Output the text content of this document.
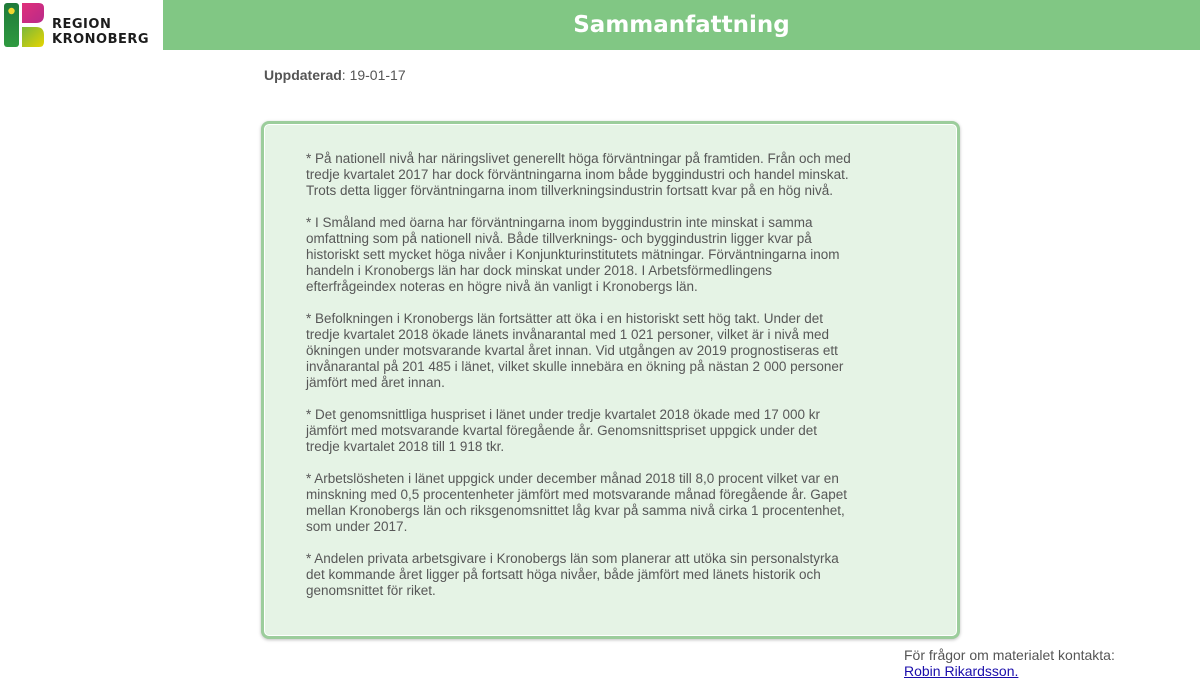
REGION
KRONOBERG
Sammanfattning
Uppdaterad: 19-01-17

* På nationell nivå har näringslivet generellt höga förväntningar på framtiden. Från och med
tredje kvartalet 2017 har dock förväntningarna inom både byggindustri och handel minskat.
Trots detta ligger förväntningarna inom tillverkningsindustrin fortsatt kvar på en hög nivå.

* I Småland med öarna har förväntningarna inom byggindustrin inte minskat i samma
omfattning som på nationell nivå. Både tillverknings- och byggindustrin ligger kvar på
historiskt sett mycket höga nivåer i Konjunkturinstitutets mätningar. Förväntningarna inom
handeln i Kronobergs län har dock minskat under 2018. I Arbetsförmedlingens
efterfrågeindex noteras en högre nivå än vanligt i Kronobergs län.

* Befolkningen i Kronobergs län fortsätter att öka i en historiskt sett hög takt. Under det
tredje kvartalet 2018 ökade länets invånarantal med 1 021 personer, vilket är i nivå med
ökningen under motsvarande kvartal året innan. Vid utgången av 2019 prognostiseras ett
invånarantal på 201 485 i länet, vilket skulle innebära en ökning på nästan 2 000 personer
jämfört med året innan.

* Det genomsnittliga huspriset i länet under tredje kvartalet 2018 ökade med 17 000 kr
jämfört med motsvarande kvartal föregående år. Genomsnittspriset uppgick under det
tredje kvartalet 2018 till 1 918 tkr.

* Arbetslösheten i länet uppgick under december månad 2018 till 8,0 procent vilket var en
minskning med 0,5 procentenheter jämfört med motsvarande månad föregående år. Gapet
mellan Kronobergs län och riksgenomsnittet låg kvar på samma nivå cirka 1 procentenhet,
som under 2017.

* Andelen privata arbetsgivare i Kronobergs län som planerar att utöka sin personalstyrka
det kommande året ligger på fortsatt höga nivåer, både jämfört med länets historik och
genomsnittet för riket.

För frågor om materialet kontakta:
Robin Rikardsson.
